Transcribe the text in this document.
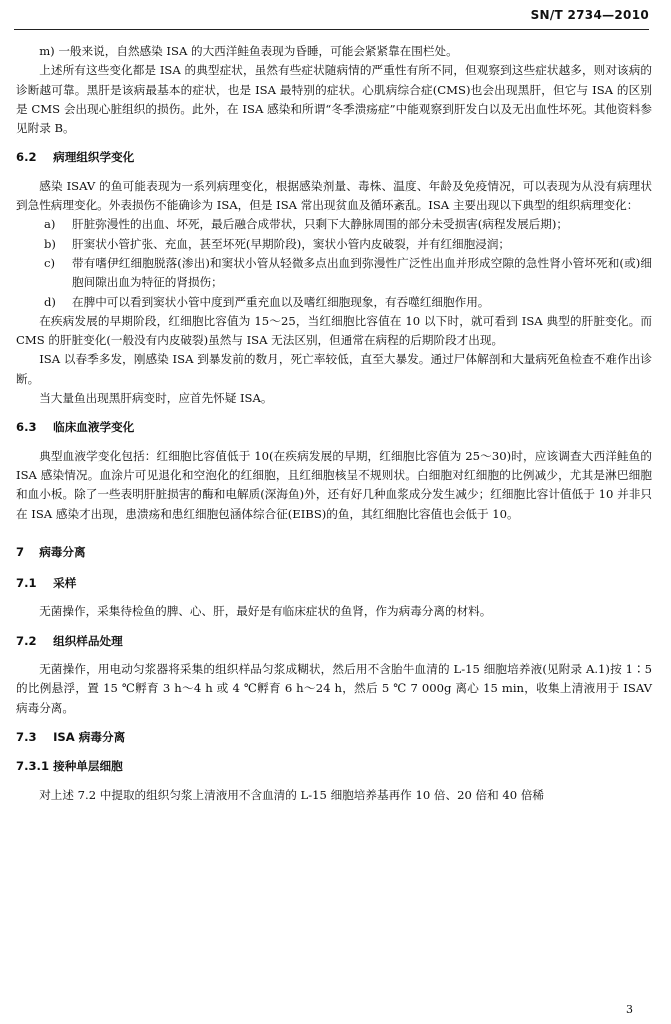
SN/T 2734—2010

m) 一般来说，自然感染 ISA 的大西洋鲑鱼表现为昏睡，可能会紧紧靠在围栏处。

上述所有这些变化都是 ISA 的典型症状，虽然有些症状随病情的严重性有所不同，但观察到这些症状越多，则对该病的诊断越可靠。黑肝是该病最基本的症状，也是 ISA 最特别的症状。心肌病综合症(CMS)也会出现黑肝，但它与 ISA 的区别是 CMS 会出现心脏组织的损伤。此外，在 ISA 感染和所谓“冬季溃疡症”中能观察到肝发白以及无出血性坏死。其他资料参见附录 B。

6.2 病理组织学变化

感染 ISAV 的鱼可能表现为一系列病理变化，根据感染剂量、毒株、温度、年龄及免疫情况，可以表现为从没有病理状到急性病理变化。外表损伤不能确诊为 ISA，但是 ISA 常出现贫血及循环紊乱。ISA 主要出现以下典型的组织病理变化：

a) 肝脏弥漫性的出血、坏死，最后融合成带状，只剩下大静脉周围的部分未受损害(病程发展后期)；
b) 肝窦状小管扩张、充血，甚至坏死(早期阶段)，窦状小管内皮破裂，并有红细胞浸润；
c) 带有嗜伊红细胞脱落(渗出)和窦状小管从轻微多点出血到弥漫性广泛性出血并形成空隙的急性肾小管坏死和(或)细胞间隙出血为特征的肾损伤；
d) 在脾中可以看到窦状小管中度到严重充血以及嗜红细胞现象，有吞噬红细胞作用。

在疾病发展的早期阶段，红细胞比容值为 15～25，当红细胞比容值在 10 以下时，就可看到 ISA 典型的肝脏变化。而 CMS 的肝脏变化(一般没有内皮破裂)虽然与 ISA 无法区别，但通常在病程的后期阶段才出现。

ISA 以春季多发，刚感染 ISA 到暴发前的数月，死亡率较低，直至大暴发。通过尸体解剖和大量病死鱼检查不难作出诊断。

当大量鱼出现黑肝病变时，应首先怀疑 ISA。

6.3 临床血液学变化

典型血液学变化包括：红细胞比容值低于 10(在疾病发展的早期，红细胞比容值为 25～30)时，应该调查大西洋鲑鱼的 ISA 感染情况。血涂片可见退化和空泡化的红细胞，且红细胞核呈不规则状。白细胞对红细胞的比例减少，尤其是淋巴细胞和血小板。除了一些表明肝脏损害的酶和电解质(深海鱼)外，还有好几种血浆成分发生减少；红细胞比容计值低于 10 并非只在 ISA 感染才出现，患溃疡和患红细胞包涵体综合征(EIBS)的鱼，其红细胞比容值也会低于 10。

7 病毒分离
7.1 采样

无菌操作，采集待检鱼的脾、心、肝，最好是有临床症状的鱼肾，作为病毒分离的材料。

7.2 组织样品处理

无菌操作，用电动匀浆器将采集的组织样品匀浆成糊状，然后用不含胎牛血清的 L-15 细胞培养液(见附录 A.1)按 1∶5 的比例悬浮，置 15 ℃孵育 3 h～4 h 或 4 ℃孵育 6 h～24 h，然后 5 ℃ 7 000g 离心 15 min，收集上清液用于 ISAV 病毒分离。

7.3 ISA 病毒分离
7.3.1 接种单层细胞

对上述 7.2 中提取的组织匀浆上清液用不含血清的 L-15 细胞培养基再作 10 倍、20 倍和 40 倍稀

3
